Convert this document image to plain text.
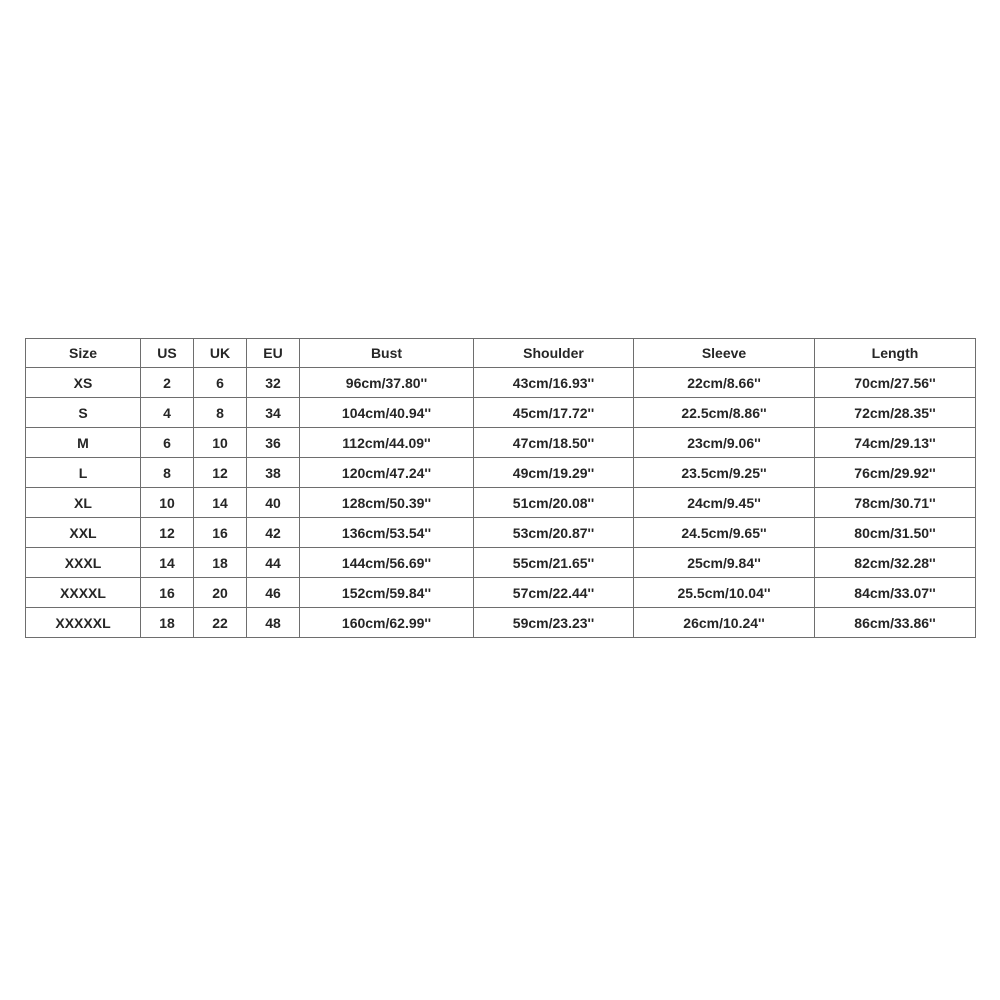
Size	US	UK	EU	Bust	Shoulder	Sleeve	Length
XS	2	6	32	96cm/37.80''	43cm/16.93''	22cm/8.66''	70cm/27.56''
S	4	8	34	104cm/40.94''	45cm/17.72''	22.5cm/8.86''	72cm/28.35''
M	6	10	36	112cm/44.09''	47cm/18.50''	23cm/9.06''	74cm/29.13''
L	8	12	38	120cm/47.24''	49cm/19.29''	23.5cm/9.25''	76cm/29.92''
XL	10	14	40	128cm/50.39''	51cm/20.08''	24cm/9.45''	78cm/30.71''
XXL	12	16	42	136cm/53.54''	53cm/20.87''	24.5cm/9.65''	80cm/31.50''
XXXL	14	18	44	144cm/56.69''	55cm/21.65''	25cm/9.84''	82cm/32.28''
XXXXL	16	20	46	152cm/59.84''	57cm/22.44''	25.5cm/10.04''	84cm/33.07''
XXXXXL	18	22	48	160cm/62.99''	59cm/23.23''	26cm/10.24''	86cm/33.86''
